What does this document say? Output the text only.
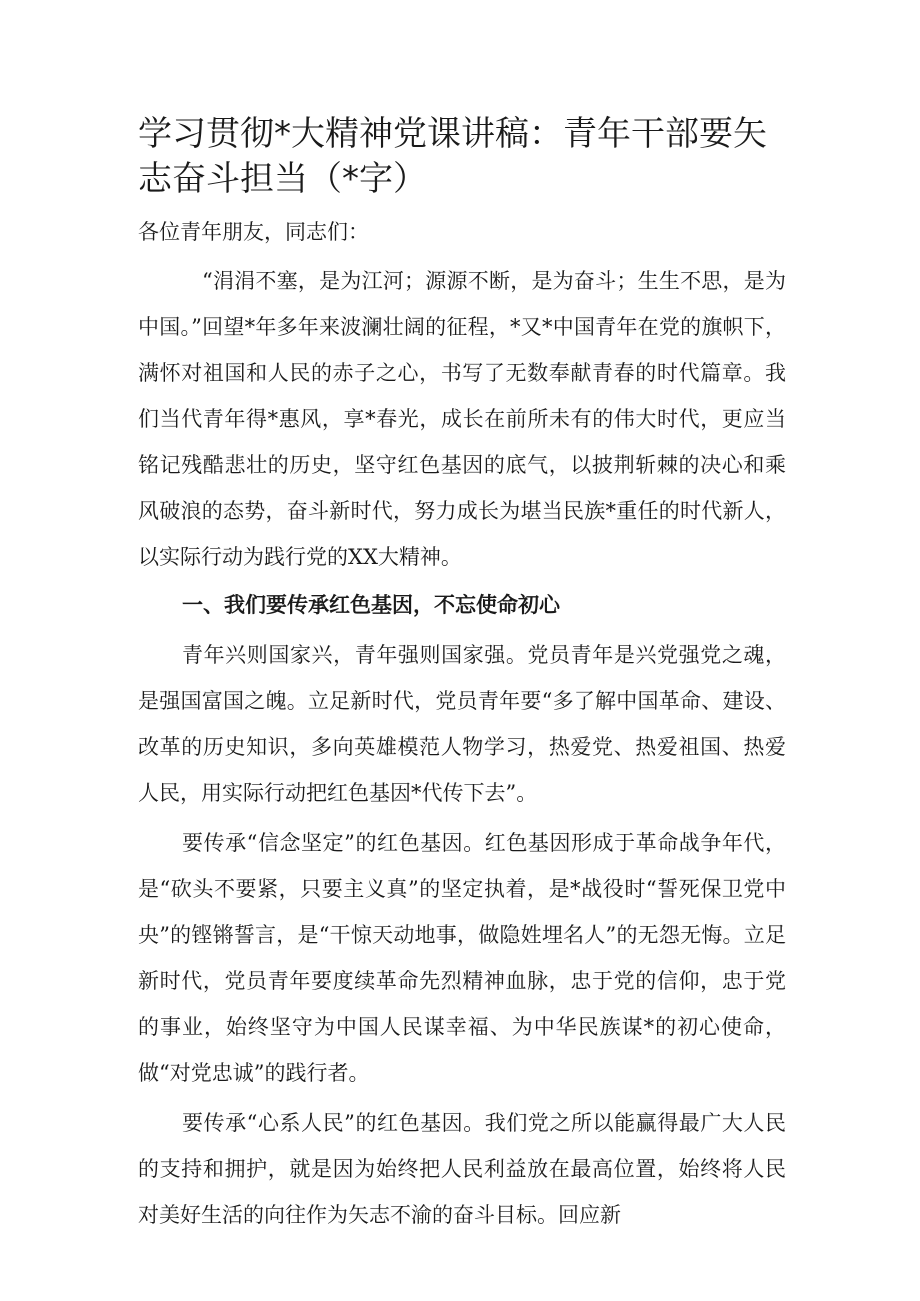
学习贯彻*大精神党课讲稿：青年干部要矢志奋斗担当（*字）

各位青年朋友，同志们：

“涓涓不塞，是为江河；源源不断，是为奋斗；生生不思，是为中国。”回望*年多年来波澜壮阔的征程，*又*中国青年在党的旗帜下，满怀对祖国和人民的赤子之心，书写了无数奉献青春的时代篇章。我们当代青年得*惠风，享*春光，成长在前所未有的伟大时代，更应当铭记残酷悲壮的历史，坚守红色基因的底气，以披荆斩棘的决心和乘风破浪的态势，奋斗新时代，努力成长为堪当民族*重任的时代新人，以实际行动为践行党的XX大精神。

一、我们要传承红色基因，不忘使命初心

青年兴则国家兴，青年强则国家强。党员青年是兴党强党之魂，是强国富国之魄。立足新时代，党员青年要“多了解中国革命、建设、改革的历史知识，多向英雄模范人物学习，热爱党、热爱祖国、热爱人民，用实际行动把红色基因*代传下去”。

要传承“信念坚定”的红色基因。红色基因形成于革命战争年代，是“砍头不要紧，只要主义真”的坚定执着，是*战役时“誓死保卫党中央”的铿锵誓言，是“干惊天动地事，做隐姓埋名人”的无怨无悔。立足新时代，党员青年要度续革命先烈精神血脉，忠于党的信仰，忠于党的事业，始终坚守为中国人民谋幸福、为中华民族谋*的初心使命，做“对党忠诚”的践行者。

要传承“心系人民”的红色基因。我们党之所以能赢得最广大人民的支持和拥护，就是因为始终把人民利益放在最高位置，始终将人民对美好生活的向往作为矢志不渝的奋斗目标。回应新
